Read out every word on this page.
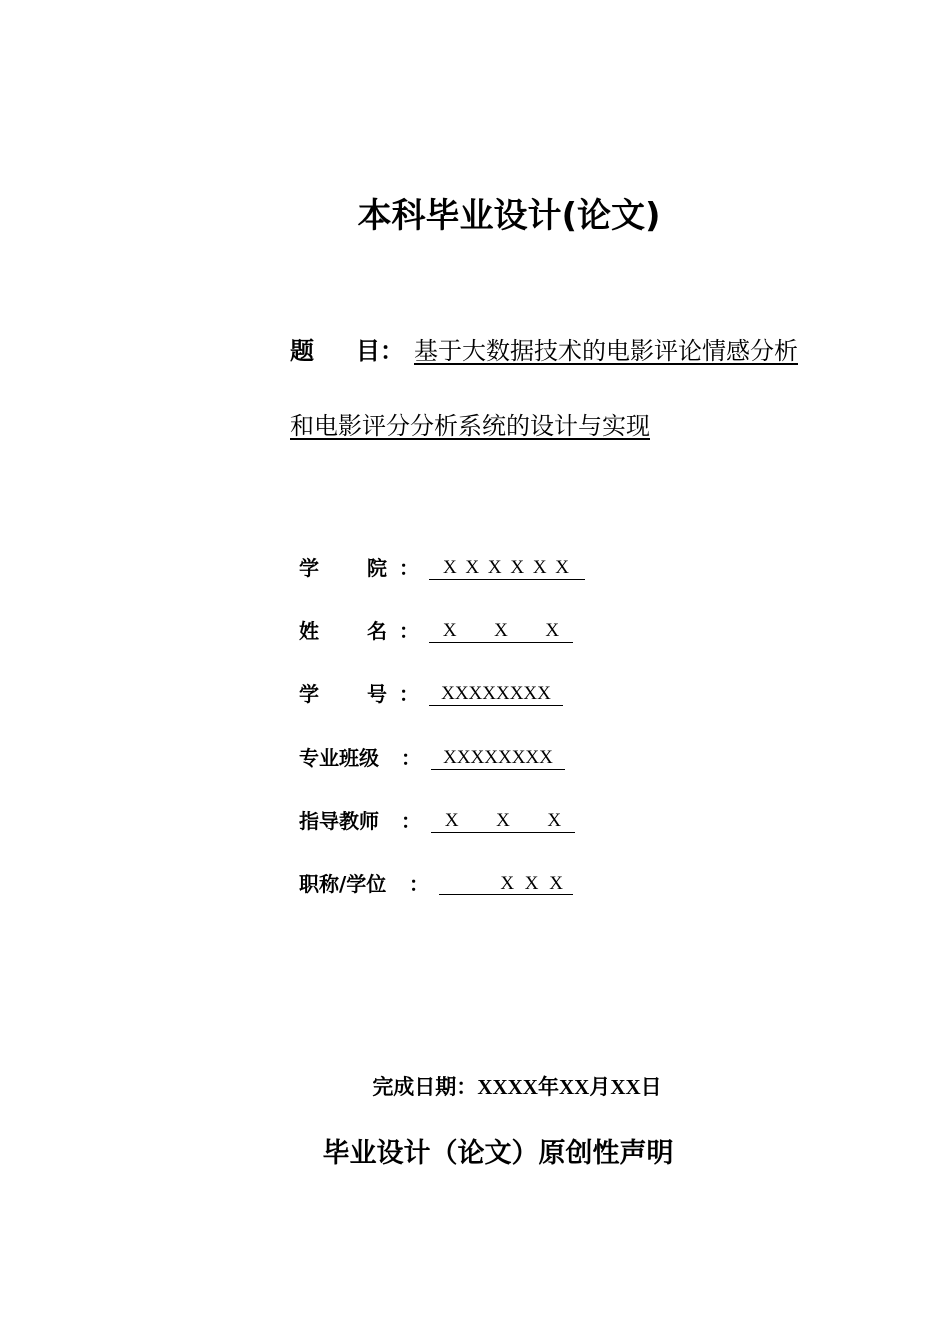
本科毕业设计(论文)
题 目： 基于大数据技术的电影评论情感分析
和电影评分分析系统的设计与实现
学 院 ： X X X X X X
姓 名 ： X  X  X
学 号 ： XXXXXXXX
专业班级 ： XXXXXXXX
指导教师 ： X  X  X
职称/学位 ：	X X X
完成日期：XXXX年XX月XX日
毕业设计（论文）原创性声明
